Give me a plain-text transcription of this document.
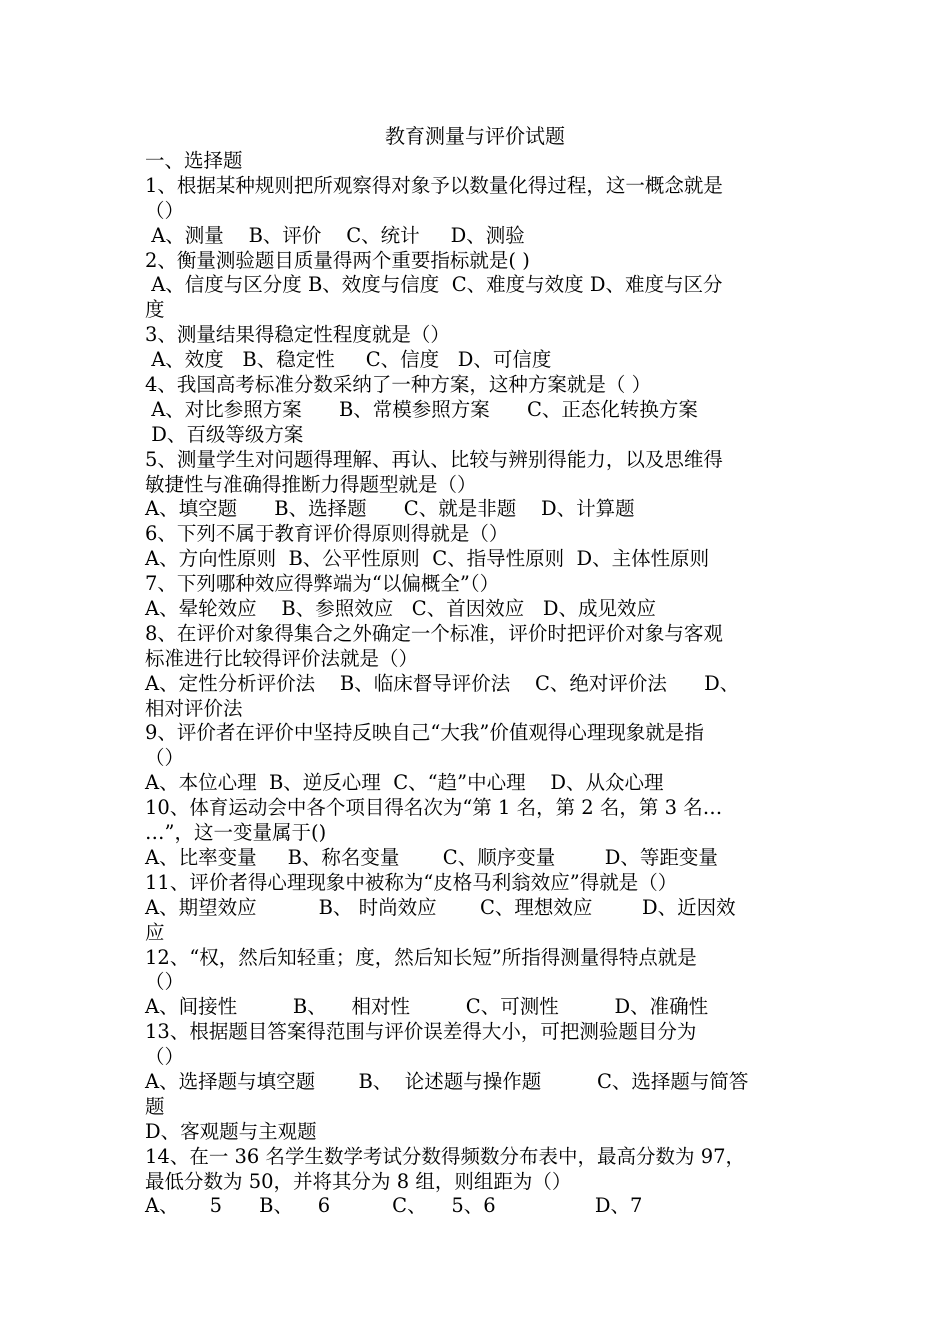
教育测量与评价试题
一、选择题
1、根据某种规则把所观察得对象予以数量化得过程，这一概念就是
（）
A、测量    B、评价    C、统计     D、测验
2、衡量测验题目质量得两个重要指标就是( )
A、信度与区分度 B、效度与信度  C、难度与效度 D、难度与区分
度
3、测量结果得稳定性程度就是（）
A、效度   B、稳定性     C、信度   D、可信度
4、我国高考标准分数采纳了一种方案，这种方案就是（ ）
A、对比参照方案      B、常模参照方案      C、正态化转换方案
D、百级等级方案
5、测量学生对问题得理解、再认、比较与辨别得能力，以及思维得
敏捷性与准确得推断力得题型就是（）
A、填空题      B、选择题      C、就是非题    D、计算题
6、下列不属于教育评价得原则得就是（）
A、方向性原则  B、公平性原则  C、指导性原则  D、主体性原则
7、下列哪种效应得弊端为“以偏概全”（）
A、晕轮效应    B、参照效应   C、首因效应   D、成见效应
8、在评价对象得集合之外确定一个标准，评价时把评价对象与客观
标准进行比较得评价法就是（）
A、定性分析评价法    B、临床督导评价法    C、绝对评价法      D、
相对评价法
9、评价者在评价中坚持反映自己“大我”价值观得心理现象就是指
（）
A、本位心理  B、逆反心理  C、“趋”中心理    D、从众心理
10、体育运动会中各个项目得名次为“第 1 名，第 2 名，第 3 名…
…”，这一变量属于()
A、比率变量     B、称名变量       C、顺序变量        D、等距变量
11、评价者得心理现象中被称为“皮格马利翁效应”得就是（）
A、期望效应          B、 时尚效应       C、理想效应        D、近因效
应
12、“权，然后知轻重；度，然后知长短”所指得测量得特点就是
（）
A、间接性         B、    相对性         C、可测性         D、准确性
13、根据题目答案得范围与评价误差得大小，可把测验题目分为
（）
A、选择题与填空题       B、  论述题与操作题         C、选择题与简答
题
D、客观题与主观题
14、在一 36 名学生数学考试分数得频数分布表中，最高分数为 97，
最低分数为 50，并将其分为 8 组，则组距为（）
A、     5      B、    6          C、    5、6                D、7
